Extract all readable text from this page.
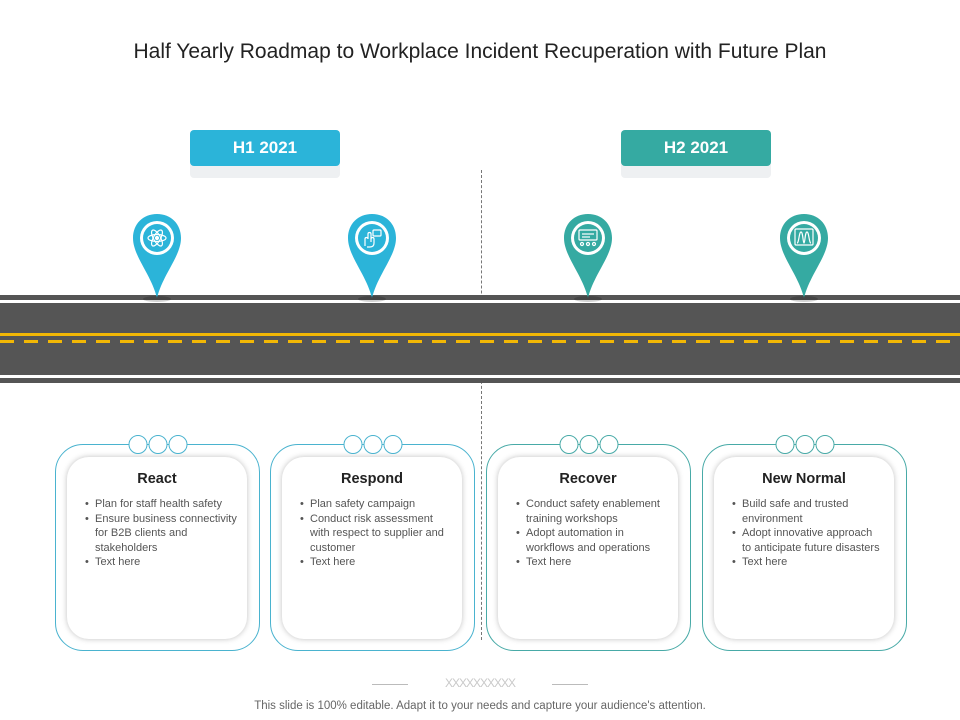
Half Yearly Roadmap to Workplace Incident Recuperation with Future Plan
H1 2021	H2 2021
React
• Plan for staff health safety
• Ensure business connectivity for B2B clients and stakeholders
• Text here
Respond
• Plan safety campaign
• Conduct risk assessment with respect to supplier and customer
• Text here
Recover
• Conduct safety enablement training workshops
• Adopt automation in workflows and operations
• Text here
New Normal
• Build safe and trusted environment
• Adopt innovative approach to anticipate future disasters
• Text here
XXXXXXXXXX
This slide is 100% editable. Adapt it to your needs and capture your audience's attention.
